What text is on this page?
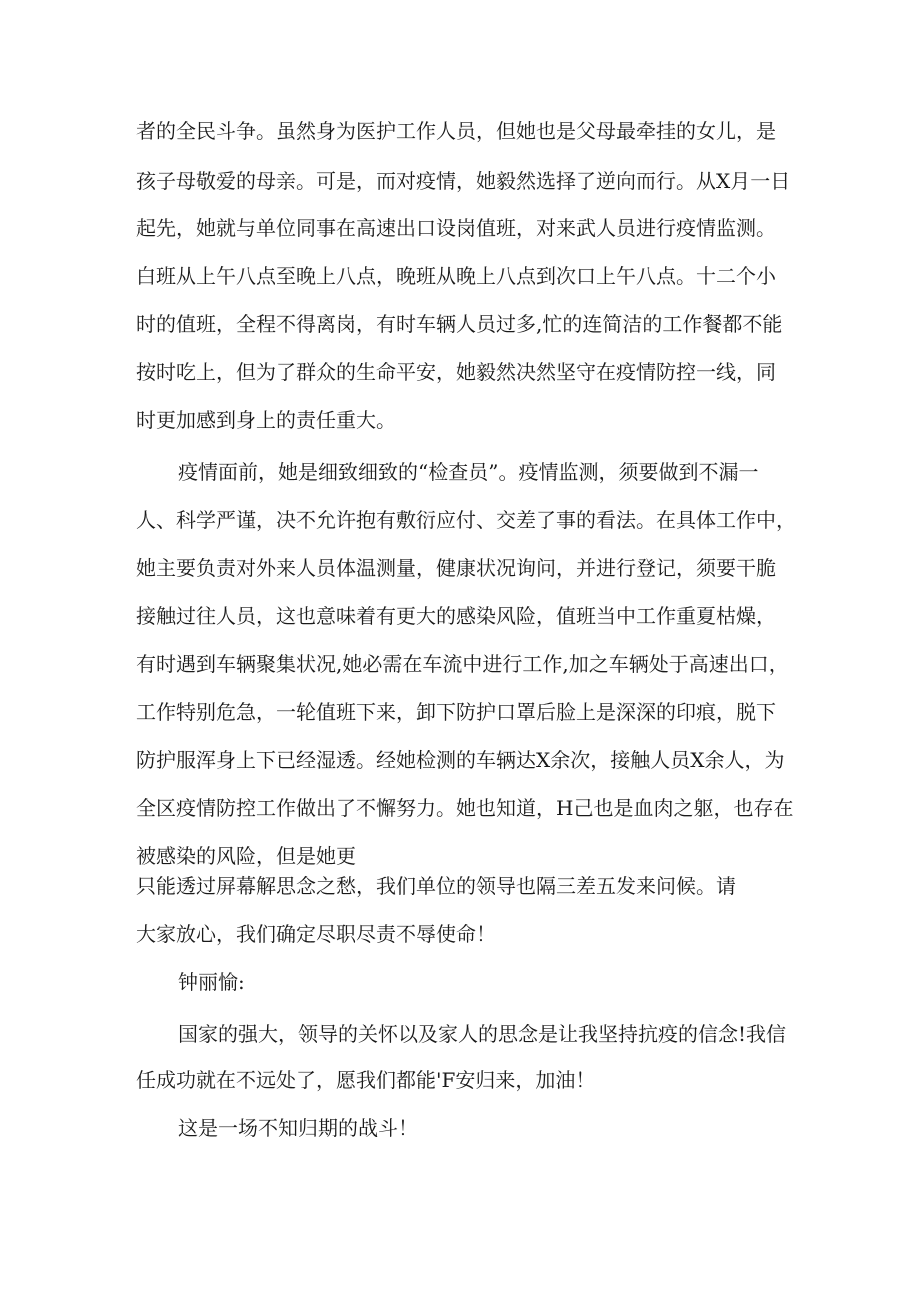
者的全民斗争。虽然身为医护工作人员，但她也是父母最牵挂的女儿，是
孩子母敬爱的母亲。可是，而对疫情，她毅然选择了逆向而行。从X月一日
起先，她就与单位同事在高速出口设岗值班，对来武人员进行疫情监测。
白班从上午八点至晚上八点，晚班从晚上八点到次口上午八点。十二个小
时的值班，全程不得离岗，有时车辆人员过多,忙的连简洁的工作餐都不能
按时吃上，但为了群众的生命平安，她毅然决然坚守在疫情防控一线，同
时更加感到身上的责任重大。
疫情面前，她是细致细致的“检查员”。疫情监测，须要做到不漏一
人、科学严谨，决不允许抱有敷衍应付、交差了事的看法。在具体工作中，
她主要负责对外来人员体温测量，健康状况询问，并进行登记，须要干脆
接触过往人员，这也意味着有更大的感染风险，值班当中工作重夏枯燥，
有时遇到车辆聚集状况,她必需在车流中进行工作,加之车辆处于高速出口，
工作特别危急，一轮值班下来，卸下防护口罩后脸上是深深的印痕，脱下
防护服浑身上下已经湿透。经她检测的车辆达X余次，接触人员X余人，为
全区疫情防控工作做出了不懈努力。她也知道，H己也是血肉之躯，也存在
被感染的风险，但是她更
只能透过屏幕解思念之愁，我们单位的领导也隔三差五发来问候。请
大家放心，我们确定尽职尽责不辱使命！
钟丽愉:
国家的强大，领导的关怀以及家人的思念是让我坚持抗疫的信念!我信
任成功就在不远处了，愿我们都能'F安归来，加油！
这是一场不知归期的战斗！
